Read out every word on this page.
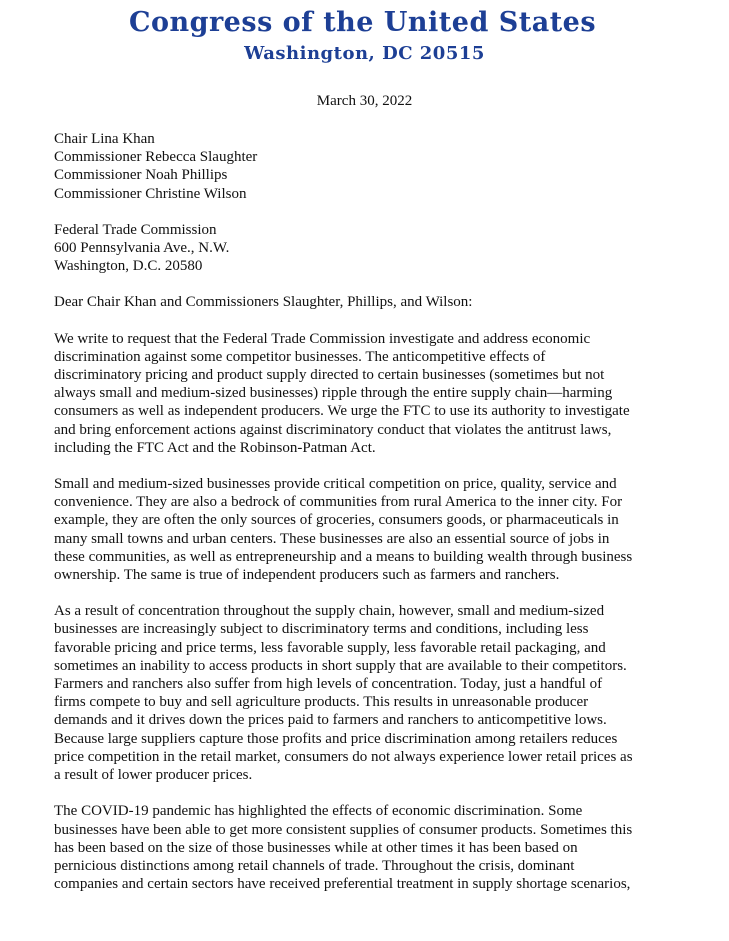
Congress of the United States
Washington, DC 20515
March 30, 2022
Chair Lina Khan
Commissioner Rebecca Slaughter
Commissioner Noah Phillips
Commissioner Christine Wilson
Federal Trade Commission
600 Pennsylvania Ave., N.W.
Washington, D.C. 20580
Dear Chair Khan and Commissioners Slaughter, Phillips, and Wilson:
We write to request that the Federal Trade Commission investigate and address economic
discrimination against some competitor businesses. The anticompetitive effects of
discriminatory pricing and product supply directed to certain businesses (sometimes but not
always small and medium-sized businesses) ripple through the entire supply chain—harming
consumers as well as independent producers. We urge the FTC to use its authority to investigate
and bring enforcement actions against discriminatory conduct that violates the antitrust laws,
including the FTC Act and the Robinson-Patman Act.
Small and medium-sized businesses provide critical competition on price, quality, service and
convenience. They are also a bedrock of communities from rural America to the inner city. For
example, they are often the only sources of groceries, consumers goods, or pharmaceuticals in
many small towns and urban centers. These businesses are also an essential source of jobs in
these communities, as well as entrepreneurship and a means to building wealth through business
ownership. The same is true of independent producers such as farmers and ranchers.
As a result of concentration throughout the supply chain, however, small and medium-sized
businesses are increasingly subject to discriminatory terms and conditions, including less
favorable pricing and price terms, less favorable supply, less favorable retail packaging, and
sometimes an inability to access products in short supply that are available to their competitors.
Farmers and ranchers also suffer from high levels of concentration. Today, just a handful of
firms compete to buy and sell agriculture products. This results in unreasonable producer
demands and it drives down the prices paid to farmers and ranchers to anticompetitive lows.
Because large suppliers capture those profits and price discrimination among retailers reduces
price competition in the retail market, consumers do not always experience lower retail prices as
a result of lower producer prices.
The COVID-19 pandemic has highlighted the effects of economic discrimination. Some
businesses have been able to get more consistent supplies of consumer products. Sometimes this
has been based on the size of those businesses while at other times it has been based on
pernicious distinctions among retail channels of trade. Throughout the crisis, dominant
companies and certain sectors have received preferential treatment in supply shortage scenarios,
